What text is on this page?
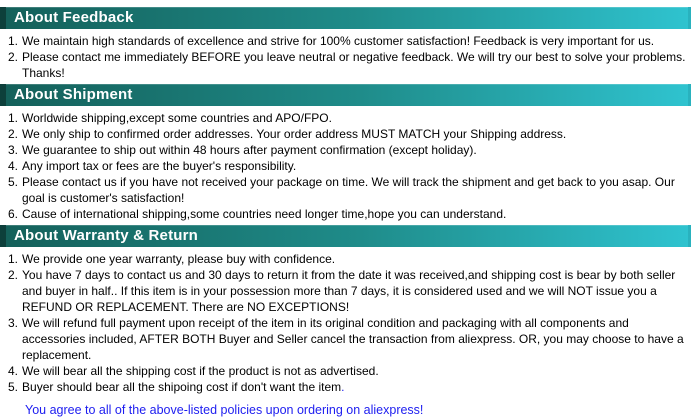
About Feedback
1. We maintain high standards of excellence and strive for 100% customer satisfaction! Feedback is very important for us.
2. Please contact me immediately BEFORE you leave neutral or negative feedback. We will try our best to solve your problems. Thanks!
About Shipment
1. Worldwide shipping,except some countries and APO/FPO.
2. We only ship to confirmed order addresses. Your order address MUST MATCH your Shipping address.
3. We guarantee to ship out within 48 hours after payment confirmation (except holiday).
4. Any import tax or fees are the buyer's responsibility.
5. Please contact us if you have not received your package on time. We will track the shipment and get back to you asap. Our goal is customer's satisfaction!
6. Cause of international shipping,some countries need longer time,hope you can understand.
About Warranty & Return
1. We provide one year warranty, please buy with confidence.
2. You have 7 days to contact us and 30 days to return it from the date it was received,and shipping cost is bear by both seller and buyer in half.. If this item is in your possession more than 7 days, it is considered used and we will NOT issue you a REFUND OR REPLACEMENT. There are NO EXCEPTIONS!
3. We will refund full payment upon receipt of the item in its original condition and packaging with all components and accessories included, AFTER BOTH Buyer and Seller cancel the transaction from aliexpress. OR, you may choose to have a replacement.
4. We will bear all the shipping cost if the product is not as advertised.
5. Buyer should bear all the shipoing cost if don't want the item.
You agree to all of the above-listed policies upon ordering on aliexpress!
